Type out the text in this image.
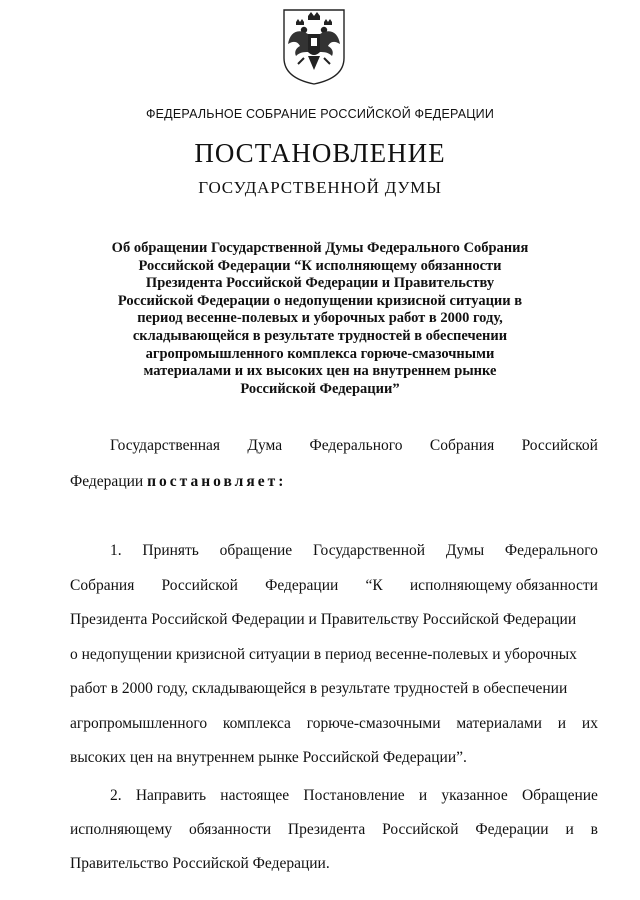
ФЕДЕРАЛЬНОЕ СОБРАНИЕ РОССИЙСКОЙ ФЕДЕРАЦИИ
ПОСТАНОВЛЕНИЕ
ГОСУДАРСТВЕННОЙ ДУМЫ
Об обращении Государственной Думы Федерального Собрания
Российской Федерации “К исполняющему обязанности
Президента Российской Федерации и Правительству
Российской Федерации о недопущении кризисной ситуации в
период весенне-полевых и уборочных работ в 2000 году,
складывающейся в результате трудностей в обеспечении
агропромышленного комплекса горюче-смазочными
материалами и их высоких цен на внутреннем рынке
Российской Федерации”
Государственная Дума Федерального Собрания Российской
Федерации постановляет:
1. Принять обращение Государственной Думы Федерального
Собрания Российской Федерации “К исполняющему обязанности
Президента Российской Федерации и Правительству Российской Федерации
о недопущении кризисной ситуации в период весенне-полевых и уборочных
работ в 2000 году, складывающейся в результате трудностей в обеспечении
агропромышленного комплекса горюче-смазочными материалами и их
высоких цен на внутреннем рынке Российской Федерации”.
2. Направить настоящее Постановление и указанное Обращение
исполняющему обязанности Президента Российской Федерации и в
Правительство Российской Федерации.
